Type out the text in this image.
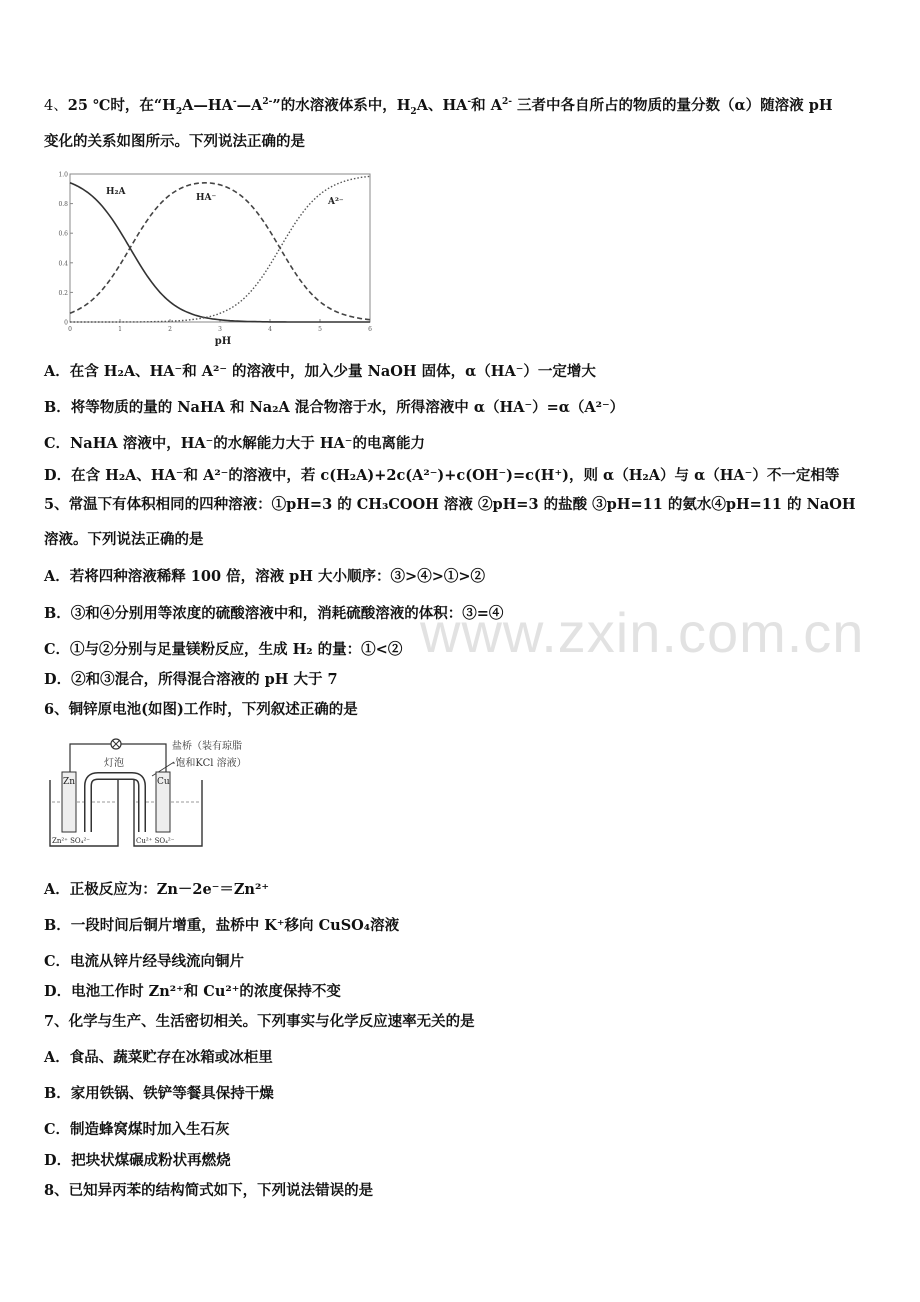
www.zxin.com.cn
4、25 ℃时，在“$H_2A—HA^-—A^{2-}$”的水溶液体系中，$H_2A$、HA-和 $A^{2-}$ 三者中各自所占的物质的量分数（α）随溶液 pH
变化的关系如图所示。下列说法正确的是
0
0.2
0.4
0.6
0.8
1.0
0	1	2	3	4	5	6
H₂A
HA⁻	A²⁻
pH
A．在含 H₂A、HA⁻和 A²⁻ 的溶液中，加入少量 NaOH 固体，α（HA⁻）一定增大
B．将等物质的量的 NaHA 和 Na₂A 混合物溶于水，所得溶液中 α（HA⁻）=α（A²⁻）
C．NaHA 溶液中，HA⁻的水解能力大于 HA⁻的电离能力
D．在含 H₂A、HA⁻和 A²⁻的溶液中，若 c(H₂A)+2c(A²⁻)+c(OH⁻)=c(H⁺)，则 α（H₂A）与 α（HA⁻）不一定相等
5、常温下有体积相同的四种溶液：①pH=3 的 CH₃COOH 溶液 ②pH=3 的盐酸 ③pH=11 的氨水④pH=11 的 NaOH
溶液。下列说法正确的是
A．若将四种溶液稀释 100 倍，溶液 pH 大小顺序：③>④>①>②
B．③和④分别用等浓度的硫酸溶液中和，消耗硫酸溶液的体积：③=④
C．①与②分别与足量镁粉反应，生成 H₂ 的量：①<②
D．②和③混合，所得混合溶液的 pH 大于 7
6、铜锌原电池(如图)工作时，下列叙述正确的是
灯泡
盐桥（装有琼脂
-饱和KCl 溶液）
Zn	Cu
Zn²⁺ SO₄²⁻	Cu²⁺ SO₄²⁻
A．正极反应为：Zn－2e⁻＝Zn²⁺
B．一段时间后铜片增重，盐桥中 K⁺移向 CuSO₄溶液
C．电流从锌片经导线流向铜片
D．电池工作时 Zn²⁺和 Cu²⁺的浓度保持不变
7、化学与生产、生活密切相关。下列事实与化学反应速率无关的是
A．食品、蔬菜贮存在冰箱或冰柜里
B．家用铁锅、铁铲等餐具保持干燥
C．制造蜂窝煤时加入生石灰
D．把块状煤碾成粉状再燃烧
8、已知异丙苯的结构简式如下，下列说法错误的是
